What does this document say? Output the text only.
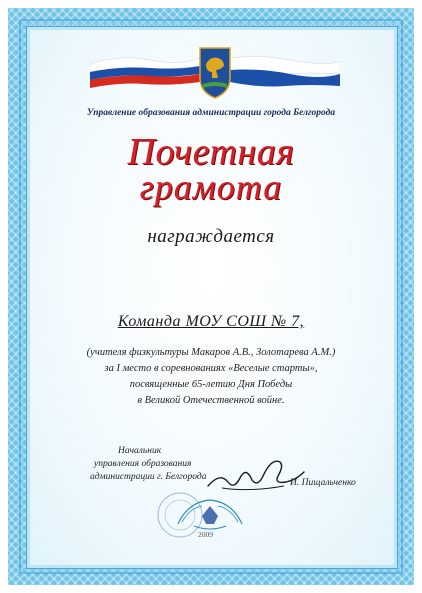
Управление образования администрации города Белгорода
Почетная
грамота
награждается
Команда МОУ СОШ № 7,
(учителя физкультуры Макаров А.В., Золотарева А.М.)
за I место в соревнованиях «Веселые старты»,
посвященные 65-летию Дня Победы
в Великой Отечественной войне.
Начальник
управления образования
администрации г. Белгорода
И. Пищальченко
2009
